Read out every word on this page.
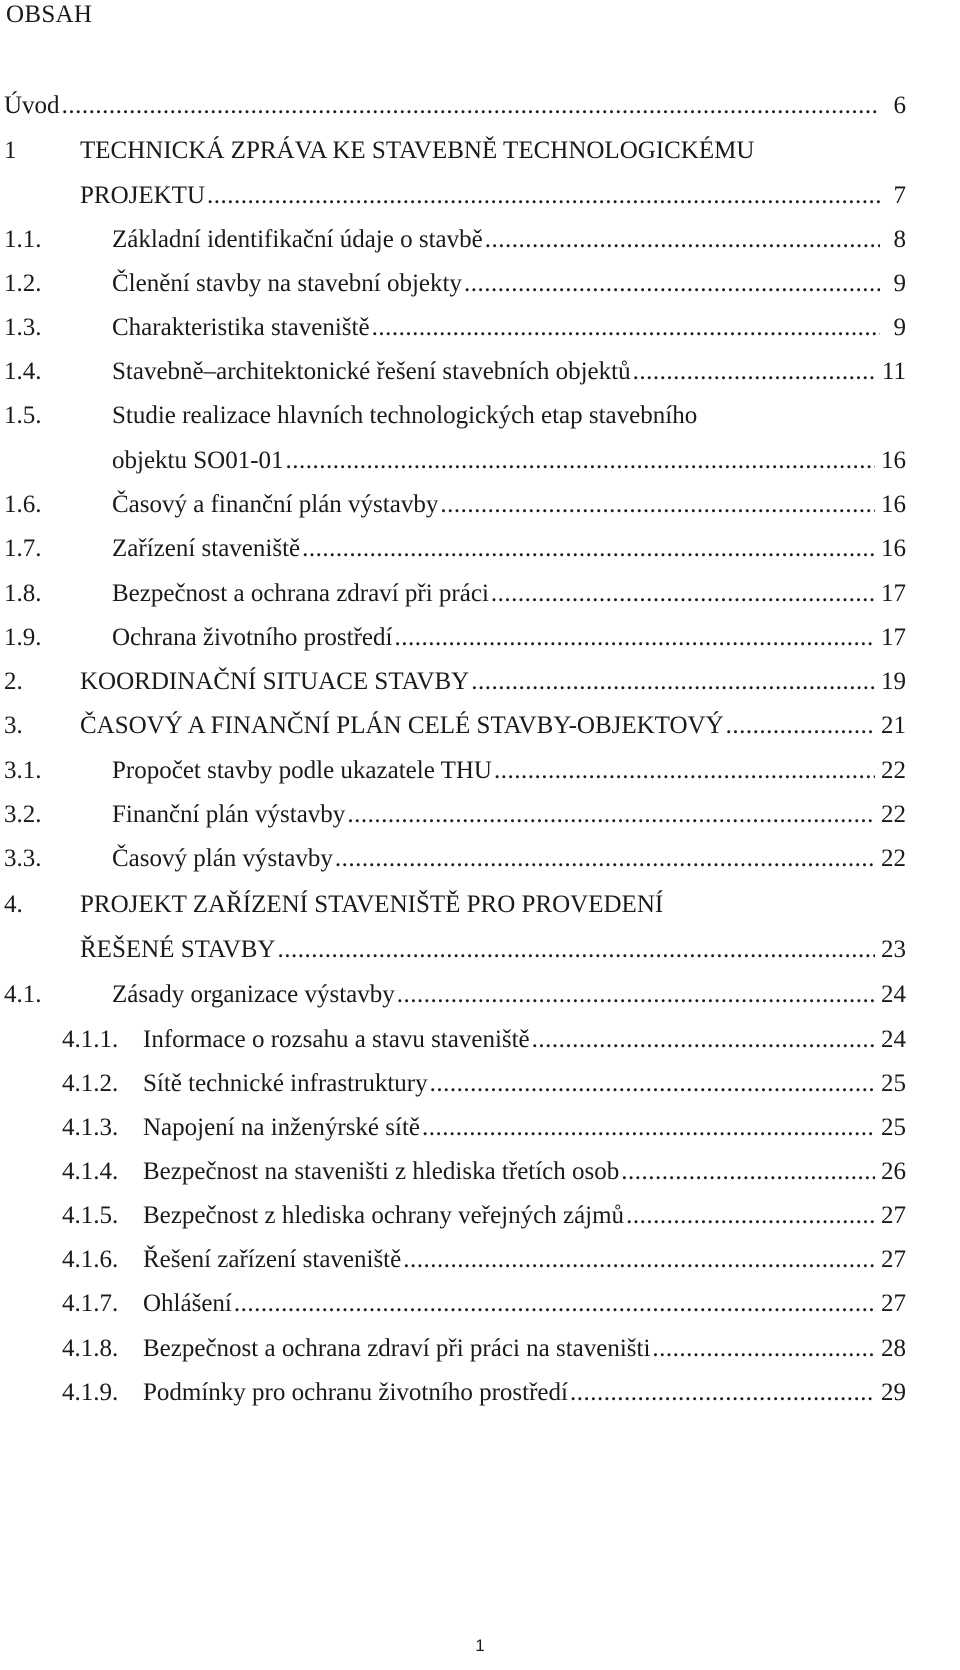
OBSAH
Úvod .....	6
1	TECHNICKÁ ZPRÁVA KE STAVEBNĚ TECHNOLOGICKÉMU
PROJEKTU .....	7
1.1.	Základní identifikační údaje o stavbě .....	8
1.2.	Členění stavby na stavební objekty .....	9
1.3.	Charakteristika staveniště .....	9
1.4.	Stavebně–architektonické řešení stavebních objektů .....	11
1.5.	Studie realizace hlavních technologických etap stavebního
objektu SO01-01 .....	16
1.6.	Časový a finanční plán výstavby .....	16
1.7.	Zařízení staveniště .....	16
1.8.	Bezpečnost a ochrana zdraví při práci .....	17
1.9.	Ochrana životního prostředí .....	17
2.	KOORDINAČNÍ SITUACE STAVBY .....	19
3.	ČASOVÝ A FINANČNÍ PLÁN CELÉ STAVBY-OBJEKTOVÝ .....	21
3.1.	Propočet stavby podle ukazatele THU .....	22
3.2.	Finanční plán výstavby .....	22
3.3.	Časový plán výstavby .....	22
4.	PROJEKT ZAŘÍZENÍ STAVENIŠTĚ PRO PROVEDENÍ
ŘEŠENÉ STAVBY .....	23
4.1.	Zásady organizace výstavby .....	24
4.1.1. Informace o rozsahu a stavu staveniště .....	24
4.1.2. Sítě technické infrastruktury .....	25
4.1.3. Napojení na inženýrské sítě .....	25
4.1.4. Bezpečnost na staveništi z hlediska třetích osob .....	26
4.1.5. Bezpečnost z hlediska ochrany veřejných zájmů .....	27
4.1.6. Řešení zařízení staveniště .....	27
4.1.7. Ohlášení .....	27
4.1.8. Bezpečnost a ochrana zdraví při práci na staveništi .....	28
4.1.9. Podmínky pro ochranu životního prostředí .....	29
1
